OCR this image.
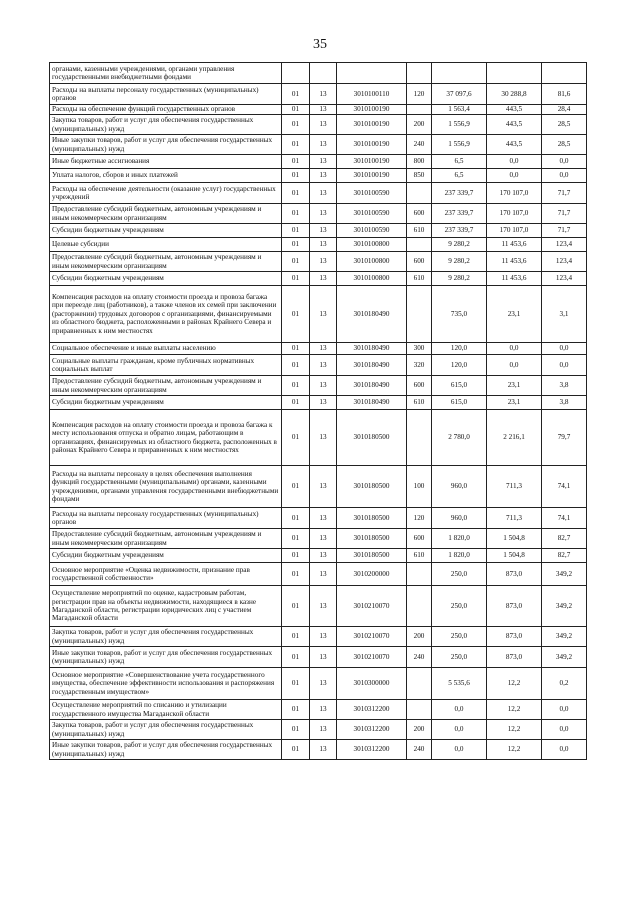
35
органами, казенными учреждениями, органами управления государственными внебюджетными фондами							
Расходы на выплаты персоналу государственных (муниципальных) органов	01	13	3010100110	120	37 097,6	30 288,8	81,6
Расходы на обеспечение функций государственных органов	01	13	3010100190		1 563,4	443,5	28,4
Закупка товаров, работ и услуг для обеспечения государственных (муниципальных) нужд	01	13	3010100190	200	1 556,9	443,5	28,5
Иные закупки товаров, работ и услуг для обеспечения государственных (муниципальных) нужд	01	13	3010100190	240	1 556,9	443,5	28,5
Иные бюджетные ассигнования	01	13	3010100190	800	6,5	0,0	0,0
Уплата налогов, сборов и иных платежей	01	13	3010100190	850	6,5	0,0	0,0
Расходы на обеспечение деятельности (оказание услуг) государственных учреждений	01	13	3010100590		237 339,7	170 107,0	71,7
Предоставление субсидий бюджетным, автономным учреждениям и иным некоммерческим организациям	01	13	3010100590	600	237 339,7	170 107,0	71,7
Субсидии бюджетным учреждениям	01	13	3010100590	610	237 339,7	170 107,0	71,7
Целевые субсидии	01	13	3010100800		9 280,2	11 453,6	123,4
Предоставление субсидий бюджетным, автономным учреждениям и иным некоммерческим организациям	01	13	3010100800	600	9 280,2	11 453,6	123,4
Субсидии бюджетным учреждениям	01	13	3010100800	610	9 280,2	11 453,6	123,4
Компенсация расходов на оплату стоимости проезда и провоза багажа при переезде лиц (работников), а также членов их семей при заключении (расторжении) трудовых договоров с организациями, финансируемыми из областного бюджета, расположенными в районах Крайнего Севера и приравненных к ним местностях	01	13	3010180490		735,0	23,1	3,1
Социальное обеспечение и иные выплаты населению	01	13	3010180490	300	120,0	0,0	0,0
Социальные выплаты гражданам, кроме публичных нормативных социальных выплат	01	13	3010180490	320	120,0	0,0	0,0
Предоставление субсидий бюджетным, автономным учреждениям и иным некоммерческим организациям	01	13	3010180490	600	615,0	23,1	3,8
Субсидии бюджетным учреждениям	01	13	3010180490	610	615,0	23,1	3,8
Компенсация расходов на оплату стоимости проезда и провоза багажа к месту использования отпуска и обратно лицам, работающим в организациях, финансируемых из областного бюджета, расположенных в районах Крайнего Севера и приравненных к ним местностях	01	13	3010180500		2 780,0	2 216,1	79,7
Расходы на выплаты персоналу в целях обеспечения выполнения функций государственными (муниципальными) органами, казенными учреждениями, органами управления государственными внебюджетными фондами	01	13	3010180500	100	960,0	711,3	74,1
Расходы на выплаты персоналу государственных (муниципальных) органов	01	13	3010180500	120	960,0	711,3	74,1
Предоставление субсидий бюджетным, автономным учреждениям и иным некоммерческим организациям	01	13	3010180500	600	1 820,0	1 504,8	82,7
Субсидии бюджетным учреждениям	01	13	3010180500	610	1 820,0	1 504,8	82,7
Основное мероприятие «Оценка недвижимости, признание прав государственной собственности»	01	13	3010200000		250,0	873,0	349,2
Осуществление мероприятий по оценке, кадастровым работам, регистрации прав на объекты недвижимости, находящиеся в казне Магаданской области, регистрации юридических лиц с участием Магаданской области	01	13	3010210070		250,0	873,0	349,2
Закупка товаров, работ и услуг для обеспечения государственных (муниципальных) нужд	01	13	3010210070	200	250,0	873,0	349,2
Иные закупки товаров, работ и услуг для обеспечения государственных (муниципальных) нужд	01	13	3010210070	240	250,0	873,0	349,2
Основное мероприятие «Совершенствование учета государственного имущества, обеспечение эффективности использования и распоряжения государственным имуществом»	01	13	3010300000		5 535,6	12,2	0,2
Осуществление мероприятий по списанию и утилизации государственного имущества Магаданской области	01	13	3010312200		0,0	12,2	0,0
Закупка товаров, работ и услуг для обеспечения государственных (муниципальных) нужд	01	13	3010312200	200	0,0	12,2	0,0
Иные закупки товаров, работ и услуг для обеспечения государственных (муниципальных) нужд	01	13	3010312200	240	0,0	12,2	0,0
